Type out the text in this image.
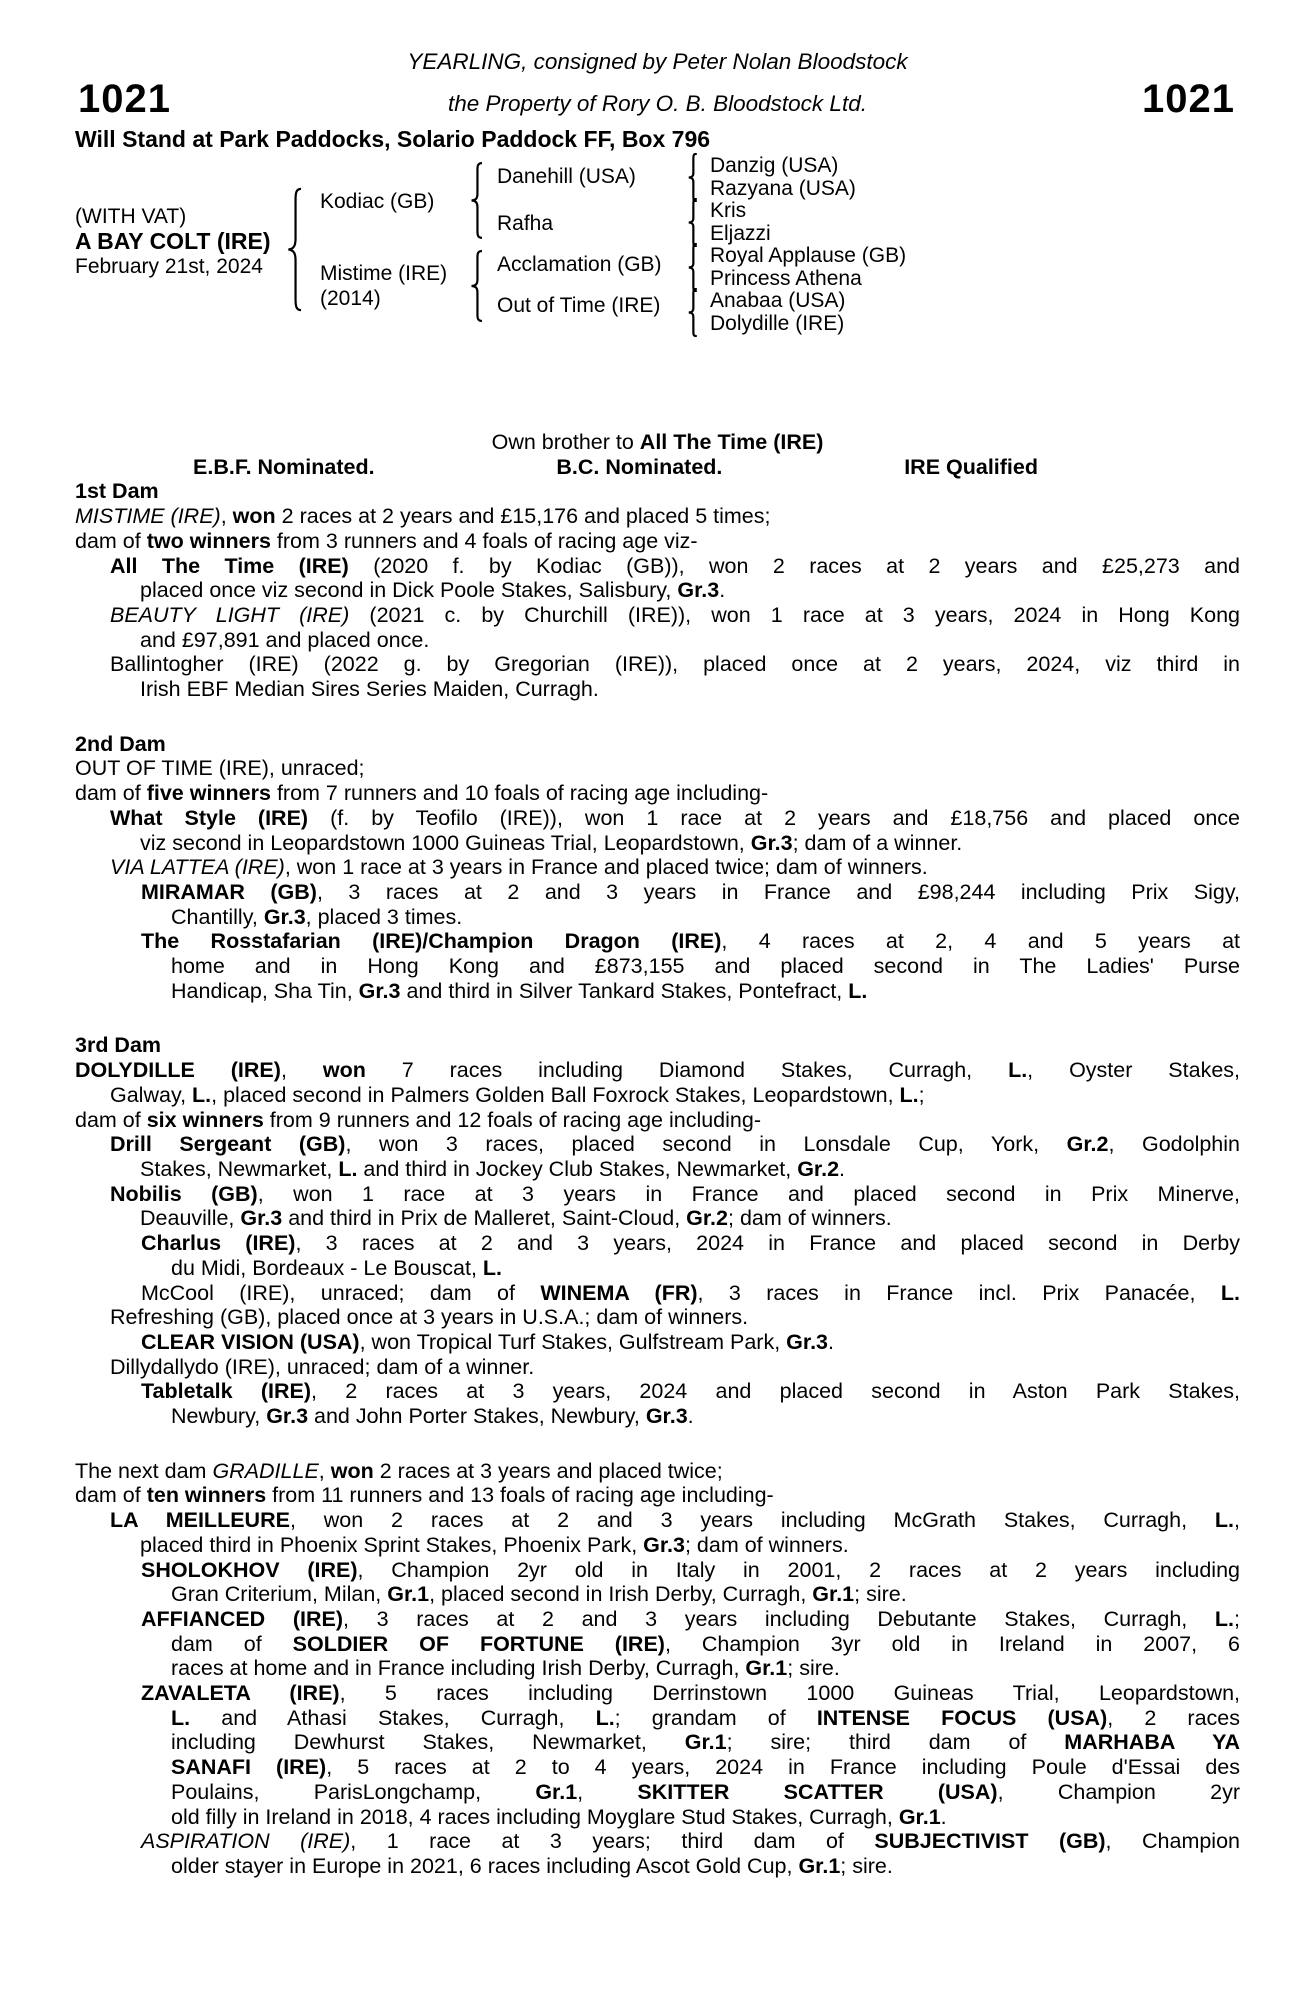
YEARLING, consigned by Peter Nolan Bloodstock
1021	the Property of Rory O. B. Bloodstock Ltd.	1021
Will Stand at Park Paddocks, Solario Paddock FF, Box 796
(WITH VAT)
A BAY COLT (IRE)
February 21st, 2024
Kodiac (GB)
Mistime (IRE)
(2014)
Danehill (USA)
Rafha
Acclamation (GB)
Out of Time (IRE)
Danzig (USA)
Razyana (USA)
Kris
Eljazzi
Royal Applause (GB)
Princess Athena
Anabaa (USA)
Dolydille (IRE)
Own brother to All The Time (IRE)
E.B.F. Nominated.	B.C. Nominated.	IRE Qualified
1st Dam
MISTIME (IRE), won 2 races at 2 years and £15,176 and placed 5 times;
dam of two winners from 3 runners and 4 foals of racing age viz-
All The Time (IRE) (2020 f. by Kodiac (GB)), won 2 races at 2 years and £25,273 and
placed once viz second in Dick Poole Stakes, Salisbury, Gr.3.
BEAUTY LIGHT (IRE) (2021 c. by Churchill (IRE)), won 1 race at 3 years, 2024 in Hong Kong
and £97,891 and placed once.
Ballintogher (IRE) (2022 g. by Gregorian (IRE)), placed once at 2 years, 2024, viz third in
Irish EBF Median Sires Series Maiden, Curragh.
2nd Dam
OUT OF TIME (IRE), unraced;
dam of five winners from 7 runners and 10 foals of racing age including-
What Style (IRE) (f. by Teofilo (IRE)), won 1 race at 2 years and £18,756 and placed once
viz second in Leopardstown 1000 Guineas Trial, Leopardstown, Gr.3; dam of a winner.
VIA LATTEA (IRE), won 1 race at 3 years in France and placed twice; dam of winners.
MIRAMAR (GB), 3 races at 2 and 3 years in France and £98,244 including Prix Sigy,
Chantilly, Gr.3, placed 3 times.
The Rosstafarian (IRE)/Champion Dragon (IRE), 4 races at 2, 4 and 5 years at
home and in Hong Kong and £873,155 and placed second in The Ladies' Purse
Handicap, Sha Tin, Gr.3 and third in Silver Tankard Stakes, Pontefract, L.
3rd Dam
DOLYDILLE (IRE), won 7 races including Diamond Stakes, Curragh, L., Oyster Stakes,
Galway, L., placed second in Palmers Golden Ball Foxrock Stakes, Leopardstown, L.;
dam of six winners from 9 runners and 12 foals of racing age including-
Drill Sergeant (GB), won 3 races, placed second in Lonsdale Cup, York, Gr.2, Godolphin
Stakes, Newmarket, L. and third in Jockey Club Stakes, Newmarket, Gr.2.
Nobilis (GB), won 1 race at 3 years in France and placed second in Prix Minerve,
Deauville, Gr.3 and third in Prix de Malleret, Saint-Cloud, Gr.2; dam of winners.
Charlus (IRE), 3 races at 2 and 3 years, 2024 in France and placed second in Derby
du Midi, Bordeaux - Le Bouscat, L.
McCool (IRE), unraced; dam of WINEMA (FR), 3 races in France incl. Prix Panacée, L.
Refreshing (GB), placed once at 3 years in U.S.A.; dam of winners.
CLEAR VISION (USA), won Tropical Turf Stakes, Gulfstream Park, Gr.3.
Dillydallydo (IRE), unraced; dam of a winner.
Tabletalk (IRE), 2 races at 3 years, 2024 and placed second in Aston Park Stakes,
Newbury, Gr.3 and John Porter Stakes, Newbury, Gr.3.
The next dam GRADILLE, won 2 races at 3 years and placed twice;
dam of ten winners from 11 runners and 13 foals of racing age including-
LA MEILLEURE, won 2 races at 2 and 3 years including McGrath Stakes, Curragh, L.,
placed third in Phoenix Sprint Stakes, Phoenix Park, Gr.3; dam of winners.
SHOLOKHOV (IRE), Champion 2yr old in Italy in 2001, 2 races at 2 years including
Gran Criterium, Milan, Gr.1, placed second in Irish Derby, Curragh, Gr.1; sire.
AFFIANCED (IRE), 3 races at 2 and 3 years including Debutante Stakes, Curragh, L.;
dam of SOLDIER OF FORTUNE (IRE), Champion 3yr old in Ireland in 2007, 6
races at home and in France including Irish Derby, Curragh, Gr.1; sire.
ZAVALETA (IRE), 5 races including Derrinstown 1000 Guineas Trial, Leopardstown,
L. and Athasi Stakes, Curragh, L.; grandam of INTENSE FOCUS (USA), 2 races
including Dewhurst Stakes, Newmarket, Gr.1; sire; third dam of MARHABA YA
SANAFI (IRE), 5 races at 2 to 4 years, 2024 in France including Poule d'Essai des
Poulains, ParisLongchamp, Gr.1, SKITTER SCATTER (USA), Champion 2yr
old filly in Ireland in 2018, 4 races including Moyglare Stud Stakes, Curragh, Gr.1.
ASPIRATION (IRE), 1 race at 3 years; third dam of SUBJECTIVIST (GB), Champion
older stayer in Europe in 2021, 6 races including Ascot Gold Cup, Gr.1; sire.
